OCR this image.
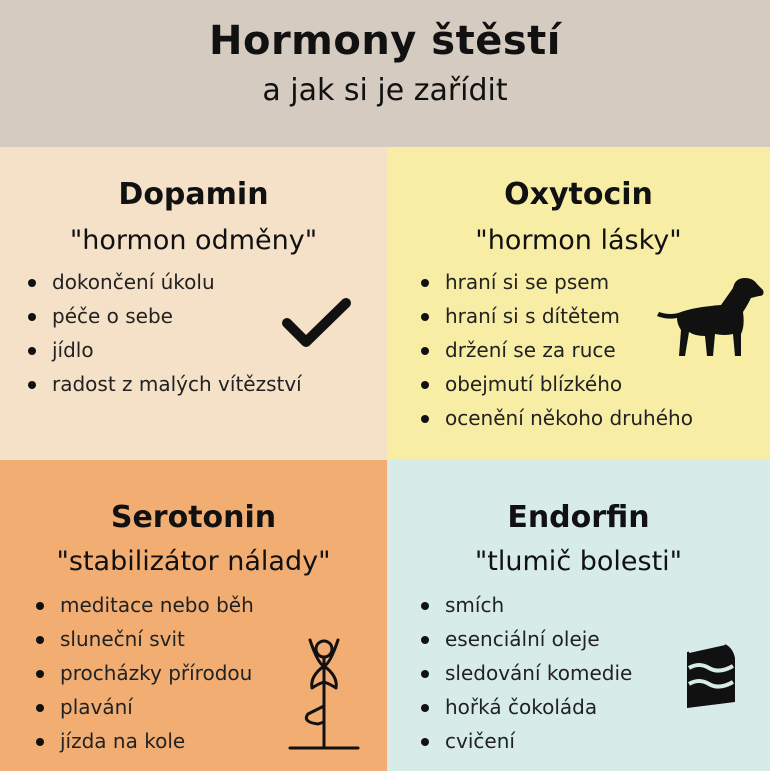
Hormony štěstí
a jak si je zařídit
Dopamin
"hormon odměny"
dokončení úkolu
péče o sebe
jídlo
radost z malých vítězství
Oxytocin
"hormon lásky"
hraní si se psem
hraní si s dítětem
držení se za ruce
obejmutí blízkého
ocenění někoho druhého
Serotonin
"stabilizátor nálady"
meditace nebo běh
sluneční svit
procházky přírodou
plavání
jízda na kole
Endorfin
"tlumič bolesti"
smích
esenciální oleje
sledování komedie
hořká čokoláda
cvičení
